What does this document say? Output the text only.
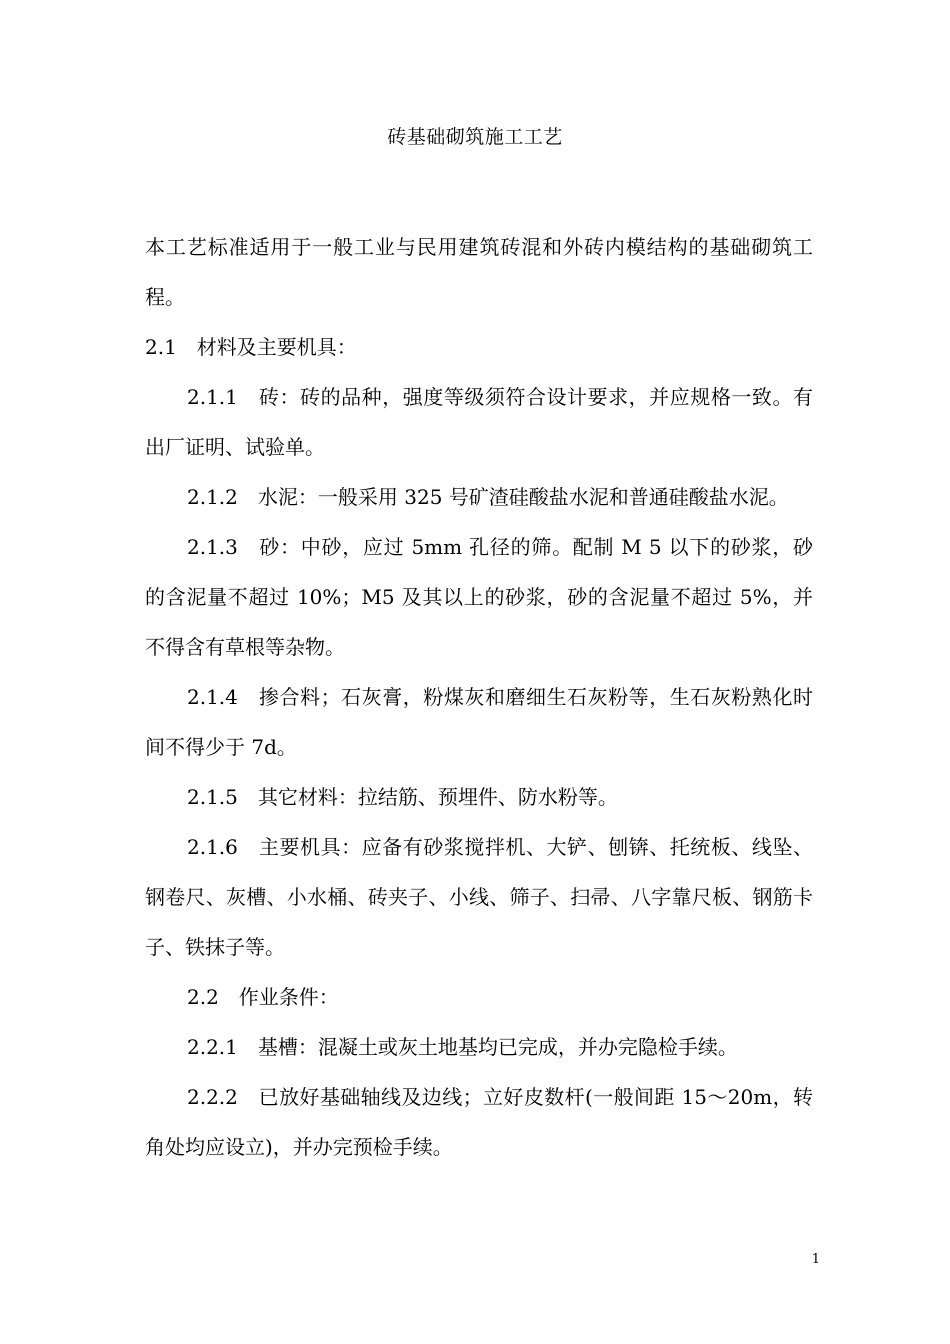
砖基础砌筑施工工艺

本工艺标准适用于一般工业与民用建筑砖混和外砖内模结构的基础砌筑工程。

2.1　材料及主要机具：

2.1.1　砖：砖的品种，强度等级须符合设计要求，并应规格一致。有出厂证明、试验单。

2.1.2　水泥：一般采用 325 号矿渣硅酸盐水泥和普通硅酸盐水泥。

2.1.3　砂：中砂，应过 5mm 孔径的筛。配制 M 5 以下的砂浆，砂的含泥量不超过 10%；M5 及其以上的砂浆，砂的含泥量不超过 5%，并不得含有草根等杂物。

2.1.4　掺合料；石灰膏，粉煤灰和磨细生石灰粉等，生石灰粉熟化时间不得少于 7d。

2.1.5　其它材料：拉结筋、预埋件、防水粉等。

2.1.6　主要机具：应备有砂浆搅拌机、大铲、刨锛、托统板、线坠、钢卷尺、灰槽、小水桶、砖夹子、小线、筛子、扫帚、八字靠尺板、钢筋卡子、铁抹子等。

2.2　作业条件：

2.2.1　基槽：混凝土或灰土地基均已完成，并办完隐检手续。

2.2.2　已放好基础轴线及边线；立好皮数杆(一般间距 15～20m，转角处均应设立)，并办完预检手续。

1
